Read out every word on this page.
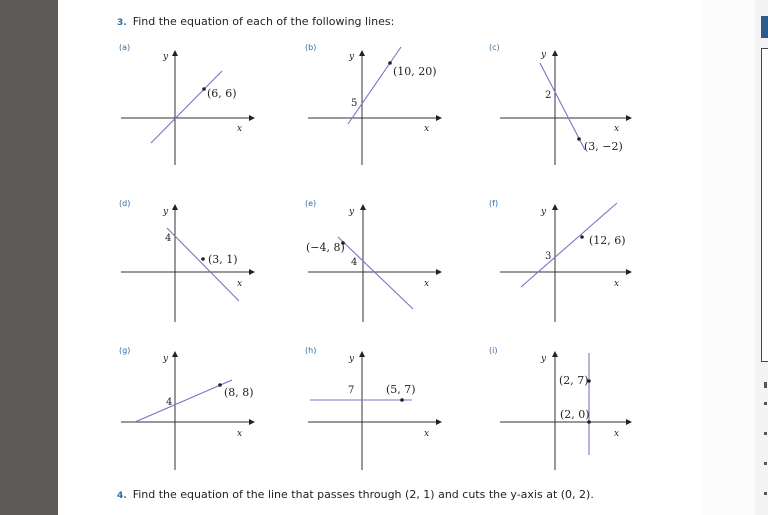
3. Find the equation of each of the following lines:
4. Find the equation of the line that passes through (2, 1) and cuts the y-axis at (0, 2).
(a)	(b)	(c)
(d)	(e)	(f)
(g)	(h)	(i)
(6, 6)
y
x
(10, 20)
5
y
x
(3, −2)
2
y
x
(3, 1)
4
y
x
(−4, 8)
4
y
x
(12, 6)
3
y
x
(8, 8)
4
y
x
(5, 7)
7
y
x
(2, 7)
(2, 0)
y
x
